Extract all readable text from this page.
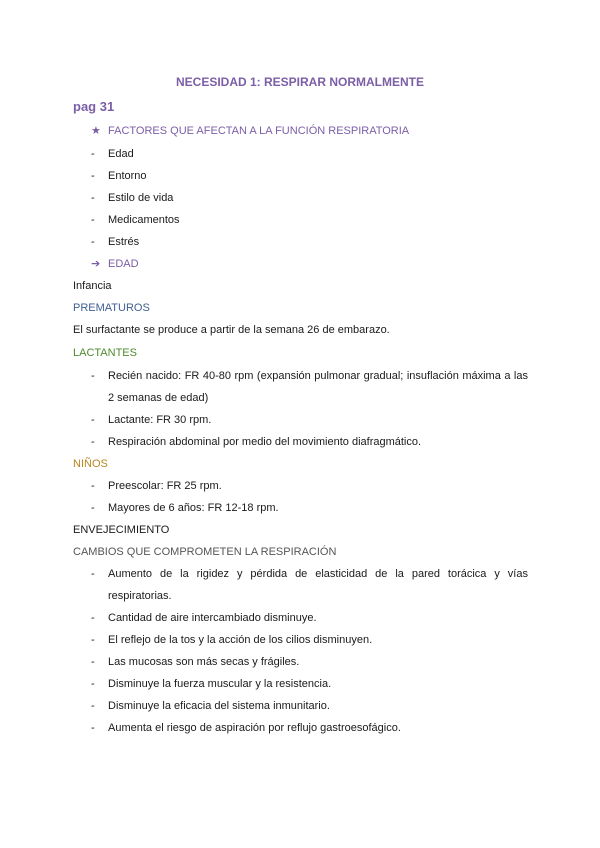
NECESIDAD 1: RESPIRAR NORMALMENTE
pag 31
★ FACTORES QUE AFECTAN A LA FUNCIÓN RESPIRATORIA
-	Edad
-	Entorno
-	Estilo de vida
-	Medicamentos
-	Estrés
➔ EDAD
Infancia
PREMATUROS
El surfactante se produce a partir de la semana 26 de embarazo.
LACTANTES
-	Recién nacido: FR 40-80 rpm (expansión pulmonar gradual; insuflación máxima a las
2 semanas de edad)
-	Lactante: FR 30 rpm.
-	Respiración abdominal por medio del movimiento diafragmático.
NIÑOS
-	Preescolar: FR 25 rpm.
-	Mayores de 6 años: FR 12-18 rpm.
ENVEJECIMIENTO
CAMBIOS QUE COMPROMETEN LA RESPIRACIÓN
-	Aumento de la rigidez y pérdida de elasticidad de la pared torácica y vías
respiratorias.
-	Cantidad de aire intercambiado disminuye.
-	El reflejo de la tos y la acción de los cilios disminuyen.
-	Las mucosas son más secas y frágiles.
-	Disminuye la fuerza muscular y la resistencia.
-	Disminuye la eficacia del sistema inmunitario.
-	Aumenta el riesgo de aspiración por reflujo gastroesofágico.
